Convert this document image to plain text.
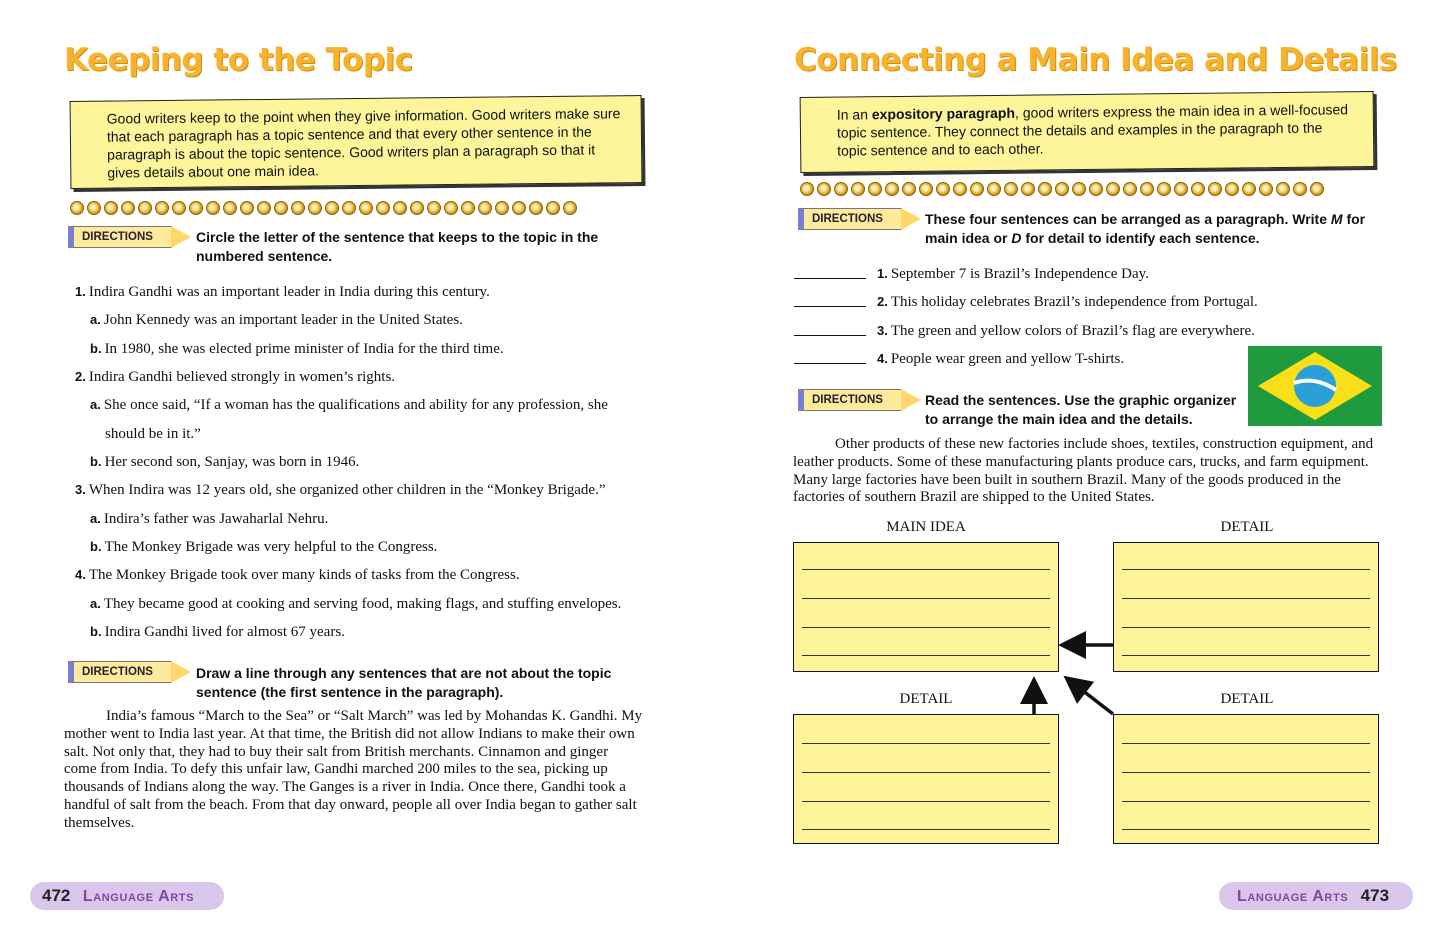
Keeping to the Topic
Good writers keep to the point when they give information. Good writers make sure that each paragraph has a topic sentence and that every other sentence in the paragraph is about the topic sentence. Good writers plan a paragraph so that it gives details about one main idea.
DIRECTIONS	Circle the letter of the sentence that keeps to the topic in the numbered sentence.
1. Indira Gandhi was an important leader in India during this century.
a. John Kennedy was an important leader in the United States.
b. In 1980, she was elected prime minister of India for the third time.
2. Indira Gandhi believed strongly in women’s rights.
a. She once said, “If a woman has the qualifications and ability for any profession, she
should be in it.”
b. Her second son, Sanjay, was born in 1946.
3. When Indira was 12 years old, she organized other children in the “Monkey Brigade.”
a. Indira’s father was Jawaharlal Nehru.
b. The Monkey Brigade was very helpful to the Congress.
4. The Monkey Brigade took over many kinds of tasks from the Congress.
a. They became good at cooking and serving food, making flags, and stuffing envelopes.
b. Indira Gandhi lived for almost 67 years.
DIRECTIONS	Draw a line through any sentences that are not about the topic sentence (the first sentence in the paragraph).
India’s famous “March to the Sea” or “Salt March” was led by Mohandas K. Gandhi. My mother went to India last year. At that time, the British did not allow Indians to make their own salt. Not only that, they had to buy their salt from British merchants. Cinnamon and ginger come from India. To defy this unfair law, Gandhi marched 200 miles to the sea, picking up thousands of Indians along the way. The Ganges is a river in India. Once there, Gandhi took a handful of salt from the beach. From that day onward, people all over India began to gather salt themselves.
472 Language Arts
Connecting a Main Idea and Details
In an expository paragraph, good writers express the main idea in a well-focused topic sentence. They connect the details and examples in the paragraph to the topic sentence and to each other.
DIRECTIONS	These four sentences can be arranged as a paragraph. Write M for main idea or D for detail to identify each sentence.
1. September 7 is Brazil’s Independence Day.
2. This holiday celebrates Brazil’s independence from Portugal.
3. The green and yellow colors of Brazil’s flag are everywhere.
4. People wear green and yellow T-shirts.
DIRECTIONS	Read the sentences. Use the graphic organizer to arrange the main idea and the details.
Other products of these new factories include shoes, textiles, construction equipment, and leather products. Some of these manufacturing plants produce cars, trucks, and farm equipment. Many large factories have been built in southern Brazil. Many of the goods produced in the factories of southern Brazil are shipped to the United States.
MAIN IDEA	DETAIL
DETAIL	DETAIL
Language Arts 473
